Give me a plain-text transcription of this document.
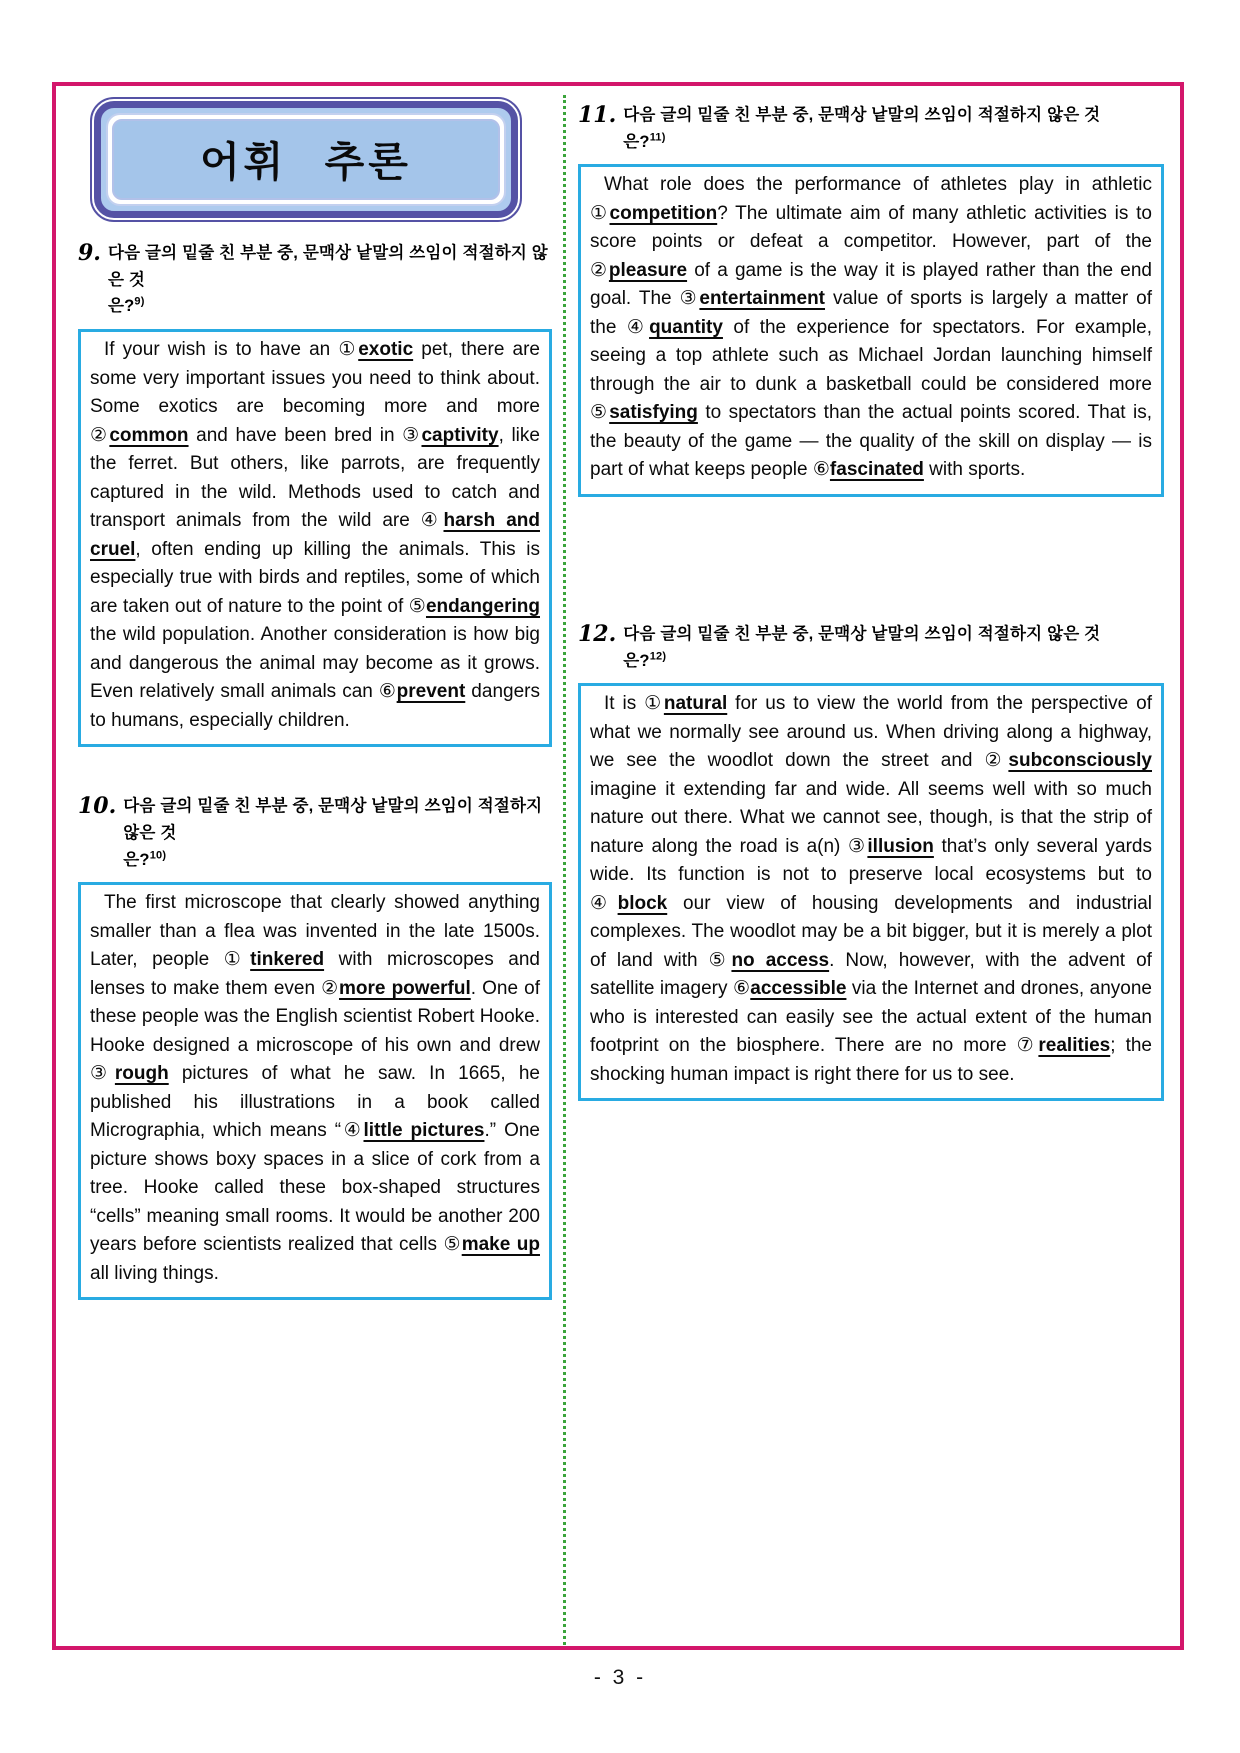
어휘 추론
9. 다음 글의 밑줄 친 부분 중, 문맥상 낱말의 쓰임이 적절하지 않은 것
은?$^{9)}$

If your wish is to have an ①exotic pet, there are some very important issues you need to think about. Some exotics are becoming more and more ②common and have been bred in ③captivity, like the ferret. But others, like parrots, are frequently captured in the wild. Methods used to catch and transport animals from the wild are ④harsh and cruel, often ending up killing the animals. This is especially true with birds and reptiles, some of which are taken out of nature to the point of ⑤endangering the wild population. Another consideration is how big and dangerous the animal may become as it grows. Even relatively small animals can ⑥prevent dangers to humans, especially children.

10. 다음 글의 밑줄 친 부분 중, 문맥상 낱말의 쓰임이 적절하지 않은 것
은?$^{10)}$

The first microscope that clearly showed anything smaller than a flea was invented in the late 1500s. Later, people ①tinkered with microscopes and lenses to make them even ②more powerful. One of these people was the English scientist Robert Hooke. Hooke designed a microscope of his own and drew ③rough pictures of what he saw. In 1665, he published his illustrations in a book called Micrographia, which means “④little pictures.” One picture shows boxy spaces in a slice of cork from a tree. Hooke called these box-shaped structures “cells” meaning small rooms. It would be another 200 years before scientists realized that cells ⑤make up all living things.

11. 다음 글의 밑줄 친 부분 중, 문맥상 낱말의 쓰임이 적절하지 않은 것
은?$^{11)}$

What role does the performance of athletes play in athletic ①competition? The ultimate aim of many athletic activities is to score points or defeat a competitor. However, part of the ②pleasure of a game is the way it is played rather than the end goal. The ③entertainment value of sports is largely a matter of the ④quantity of the experience for spectators. For example, seeing a top athlete such as Michael Jordan launching himself through the air to dunk a basketball could be considered more ⑤satisfying to spectators than the actual points scored. That is, the beauty of the game — the quality of the skill on display — is part of what keeps people ⑥fascinated with sports.

12. 다음 글의 밑줄 친 부분 중, 문맥상 낱말의 쓰임이 적절하지 않은 것
은?$^{12)}$

It is ①natural for us to view the world from the perspective of what we normally see around us. When driving along a highway, we see the woodlot down the street and ②subconsciously imagine it extending far and wide. All seems well with so much nature out there. What we cannot see, though, is that the strip of nature along the road is a(n) ③illusion that’s only several yards wide. Its function is not to preserve local ecosystems but to ④block our view of housing developments and industrial complexes. The woodlot may be a bit bigger, but it is merely a plot of land with ⑤no access. Now, however, with the advent of satellite imagery ⑥accessible via the Internet and drones, anyone who is interested can easily see the actual extent of the human footprint on the biosphere. There are no more ⑦realities; the shocking human impact is right there for us to see.

- 3 -
